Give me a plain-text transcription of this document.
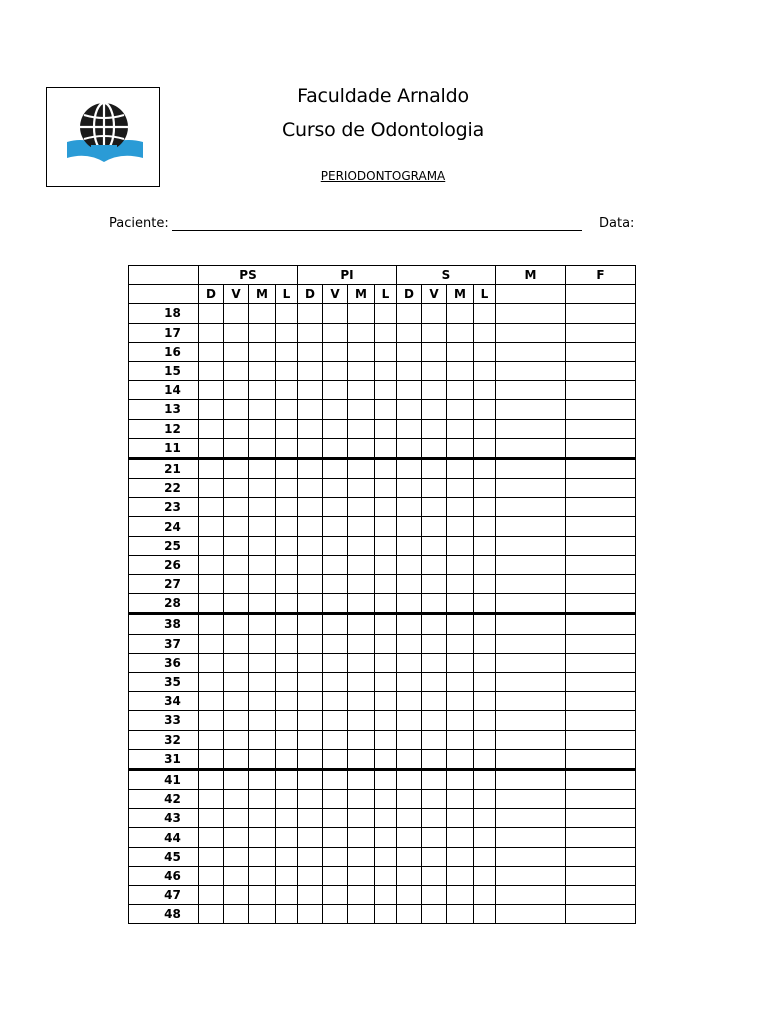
Faculdade Arnaldo
Curso de Odontologia
PERIODONTOGRAMA
Paciente:	Data:
	PS				PI				S				M	F
	D	V	M	L	D	V	M	L	D	V	M	L		
18														
17														
16														
15														
14														
13														
12														
11														
21														
22														
23														
24														
25														
26														
27														
28														
38														
37														
36														
35														
34														
33														
32														
31														
41														
42														
43														
44														
45														
46														
47														
48														
